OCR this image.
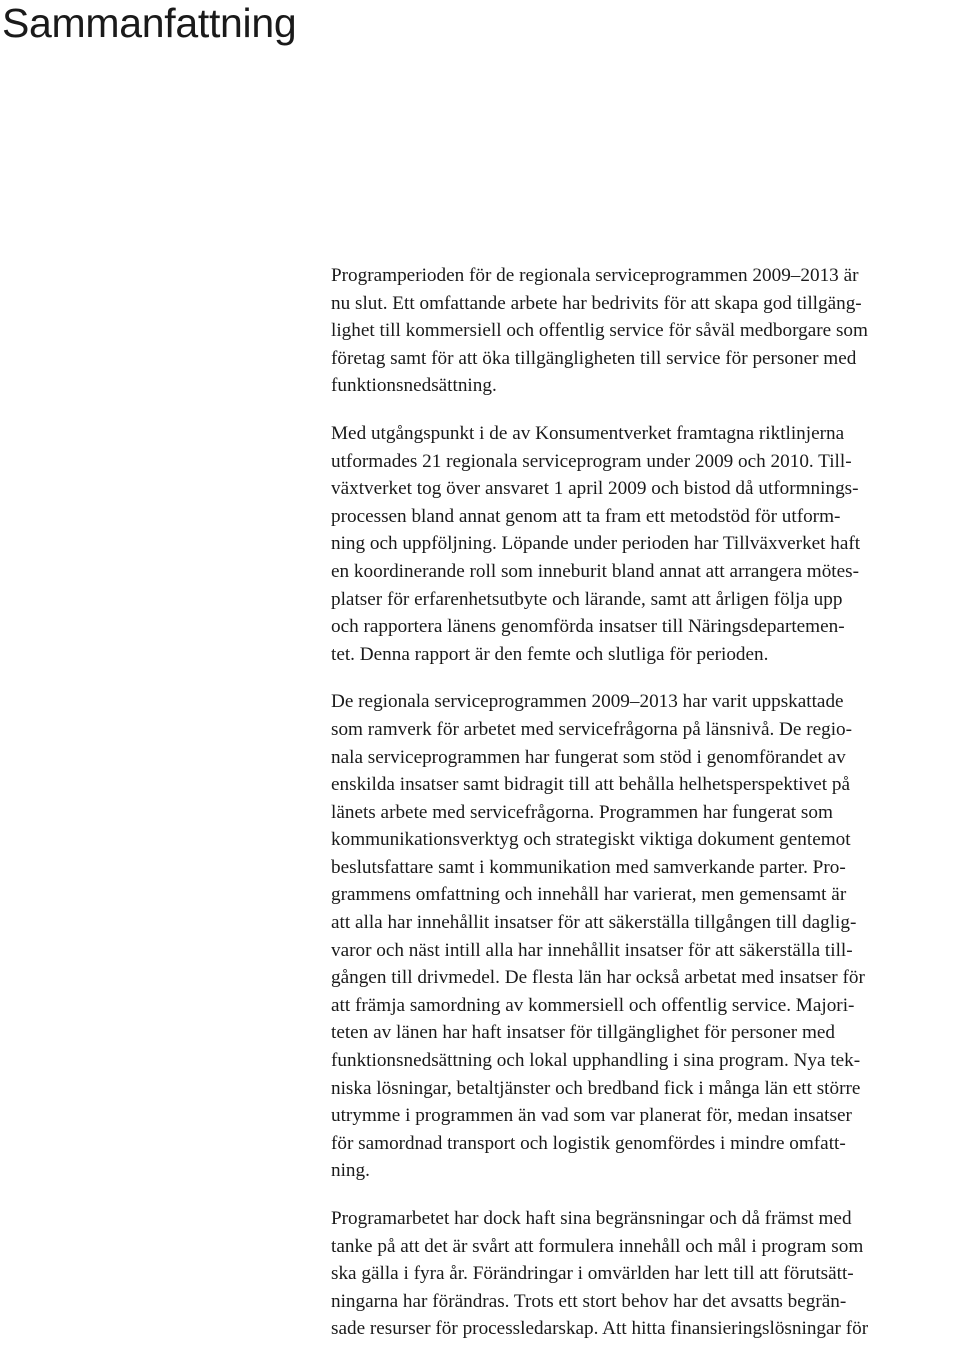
Sammanfattning

Programperioden för de regionala serviceprogrammen 2009–2013 är
nu slut. Ett omfattande arbete har bedrivits för att skapa god tillgäng-
lighet till kommersiell och offentlig service för såväl medborgare som
företag samt för att öka tillgängligheten till service för personer med
funktionsnedsättning.

Med utgångspunkt i de av Konsumentverket framtagna riktlinjerna
utformades 21 regionala serviceprogram under 2009 och 2010. Till-
växtverket tog över ansvaret 1 april 2009 och bistod då utformnings-
processen bland annat genom att ta fram ett metodstöd för utform-
ning och uppföljning. Löpande under perioden har Tillväxverket haft
en koordinerande roll som inneburit bland annat att arrangera mötes-
platser för erfarenhetsutbyte och lärande, samt att årligen följa upp
och rapportera länens genomförda insatser till Näringsdepartemen-
tet. Denna rapport är den femte och slutliga för perioden.

De regionala serviceprogrammen 2009–2013 har varit uppskattade
som ramverk för arbetet med servicefrågorna på länsnivå. De regio-
nala serviceprogrammen har fungerat som stöd i genomförandet av
enskilda insatser samt bidragit till att behålla helhetsperspektivet på
länets arbete med servicefrågorna. Programmen har fungerat som
kommunikationsverktyg och strategiskt viktiga dokument gentemot
beslutsfattare samt i kommunikation med samverkande parter. Pro-
grammens omfattning och innehåll har varierat, men gemensamt är
att alla har innehållit insatser för att säkerställa tillgången till daglig-
varor och näst intill alla har innehållit insatser för att säkerställa till-
gången till drivmedel. De flesta län har också arbetat med insatser för
att främja samordning av kommersiell och offentlig service. Majori-
teten av länen har haft insatser för tillgänglighet för personer med
funktionsnedsättning och lokal upphandling i sina program. Nya tek-
niska lösningar, betaltjänster och bredband fick i många län ett större
utrymme i programmen än vad som var planerat för, medan insatser
för samordnad transport och logistik genomfördes i mindre omfatt-
ning.

Programarbetet har dock haft sina begränsningar och då främst med
tanke på att det är svårt att formulera innehåll och mål i program som
ska gälla i fyra år. Förändringar i omvärlden har lett till att förutsätt-
ningarna har förändras. Trots ett stort behov har det avsatts begrän-
sade resurser för processledarskap. Att hitta finansieringslösningar för
